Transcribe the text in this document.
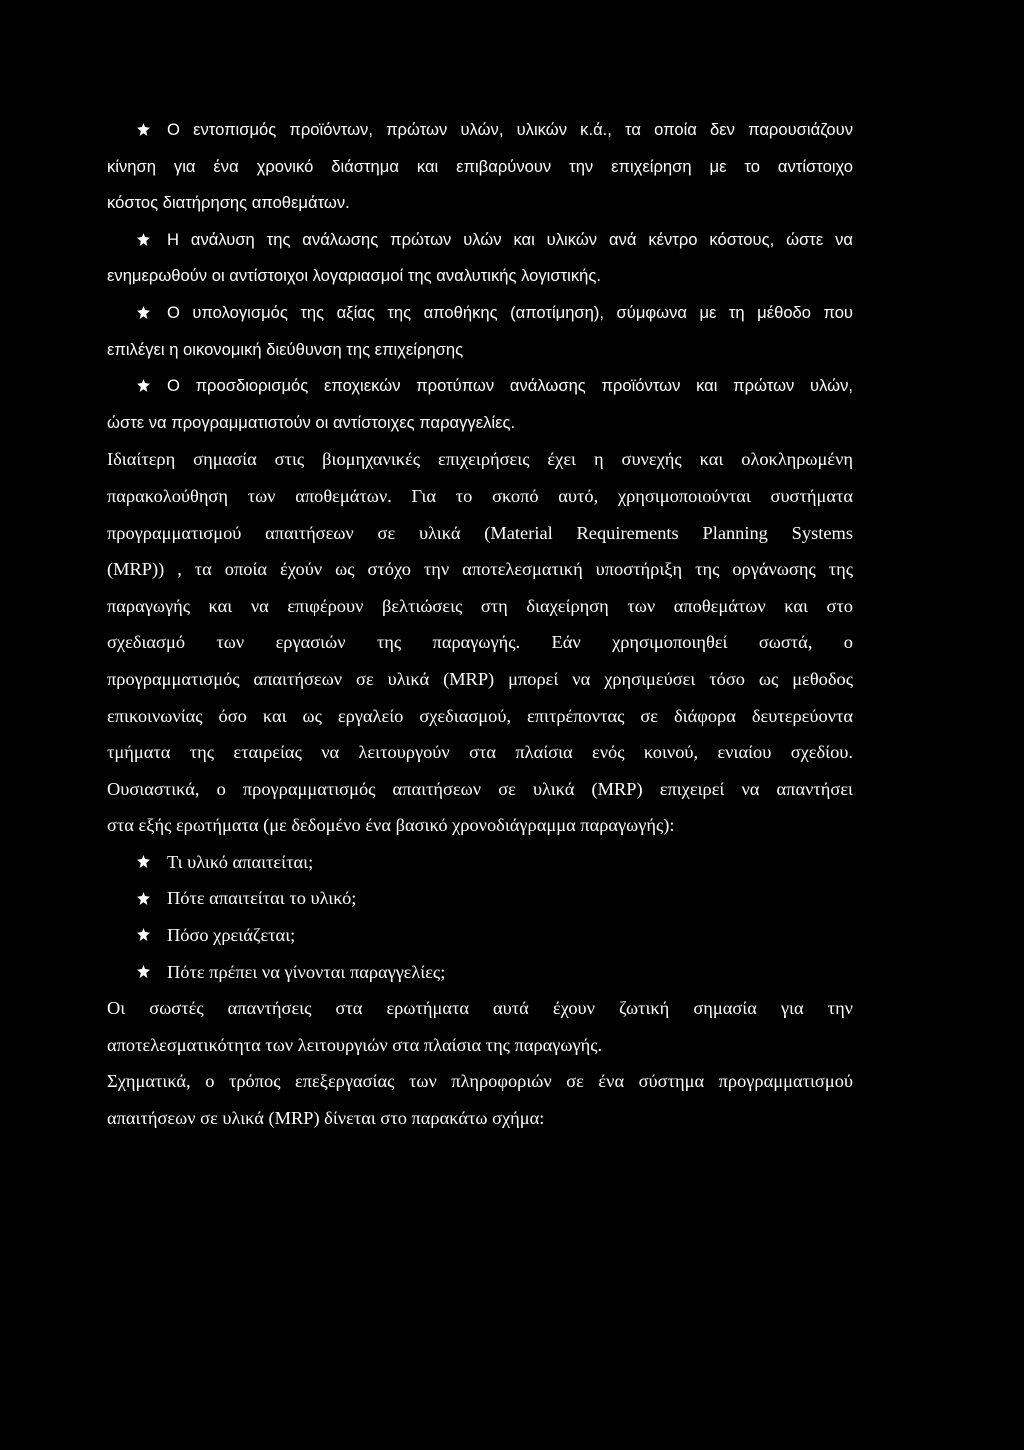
Ο εντοπισμός προϊόντων, πρώτων υλών, υλικών κ.ά., τα οποία δεν παρουσιάζουν
κίνηση για ένα χρονικό διάστημα και επιβαρύνουν την επιχείρηση με το αντίστοιχο
κόστος διατήρησης αποθεμάτων.
Η ανάλυση της ανάλωσης πρώτων υλών και υλικών ανά κέντρο κόστους, ώστε να
ενημερωθούν οι αντίστοιχοι λογαριασμοί της αναλυτικής λογιστικής.
Ο υπολογισμός της αξίας της αποθήκης (αποτίμηση), σύμφωνα με τη μέθοδο που
επιλέγει η οικονομική διεύθυνση της επιχείρησης
Ο προσδιορισμός εποχιεκών προτύπων ανάλωσης προϊόντων και πρώτων υλών,
ώστε να προγραμματιστούν οι αντίστοιχες παραγγελίες.
Ιδιαίτερη σημασία στις βιομηχανικές επιχειρήσεις έχει η συνεχής και ολοκληρωμένη
παρακολούθηση των αποθεμάτων. Για το σκοπό αυτό, χρησιμοποιούνται συστήματα
προγραμματισμού απαιτήσεων σε υλικά (Material Requirements Planning Systems
(MRP)) , τα οποία έχούν ως στόχο την αποτελεσματική υποστήριξη της οργάνωσης της
παραγωγής και να επιφέρουν βελτιώσεις στη διαχείρηση των αποθεμάτων και στο
σχεδιασμό των εργασιών της παραγωγής. Εάν χρησιμοποιηθεί σωστά, ο
προγραμματισμός απαιτήσεων σε υλικά (MRP) μπορεί να χρησιμεύσει τόσο ως μεθοδος
επικοινωνίας όσο και ως εργαλείο σχεδιασμού, επιτρέποντας σε διάφορα δευτερεύοντα
τμήματα της εταιρείας να λειτουργούν στα πλαίσια ενός κοινού, ενιαίου σχεδίου.
Ουσιαστικά, ο προγραμματισμός απαιτήσεων σε υλικά (MRP) επιχειρεί να απαντήσει
στα εξής ερωτήματα (με δεδομένο ένα βασικό χρονοδιάγραμμα παραγωγής):
Τι υλικό απαιτείται;
Πότε απαιτείται το υλικό;
Πόσο χρειάζεται;
Πότε πρέπει να γίνονται παραγγελίες;
Οι σωστές απαντήσεις στα ερωτήματα αυτά έχουν ζωτική σημασία για την
αποτελεσματικότητα των λειτουργιών στα πλαίσια της παραγωγής.
Σχηματικά, ο τρόπος επεξεργασίας των πληροφοριών σε ένα σύστημα προγραμματισμού
απαιτήσεων σε υλικά (MRP) δίνεται στο παρακάτω σχήμα:
